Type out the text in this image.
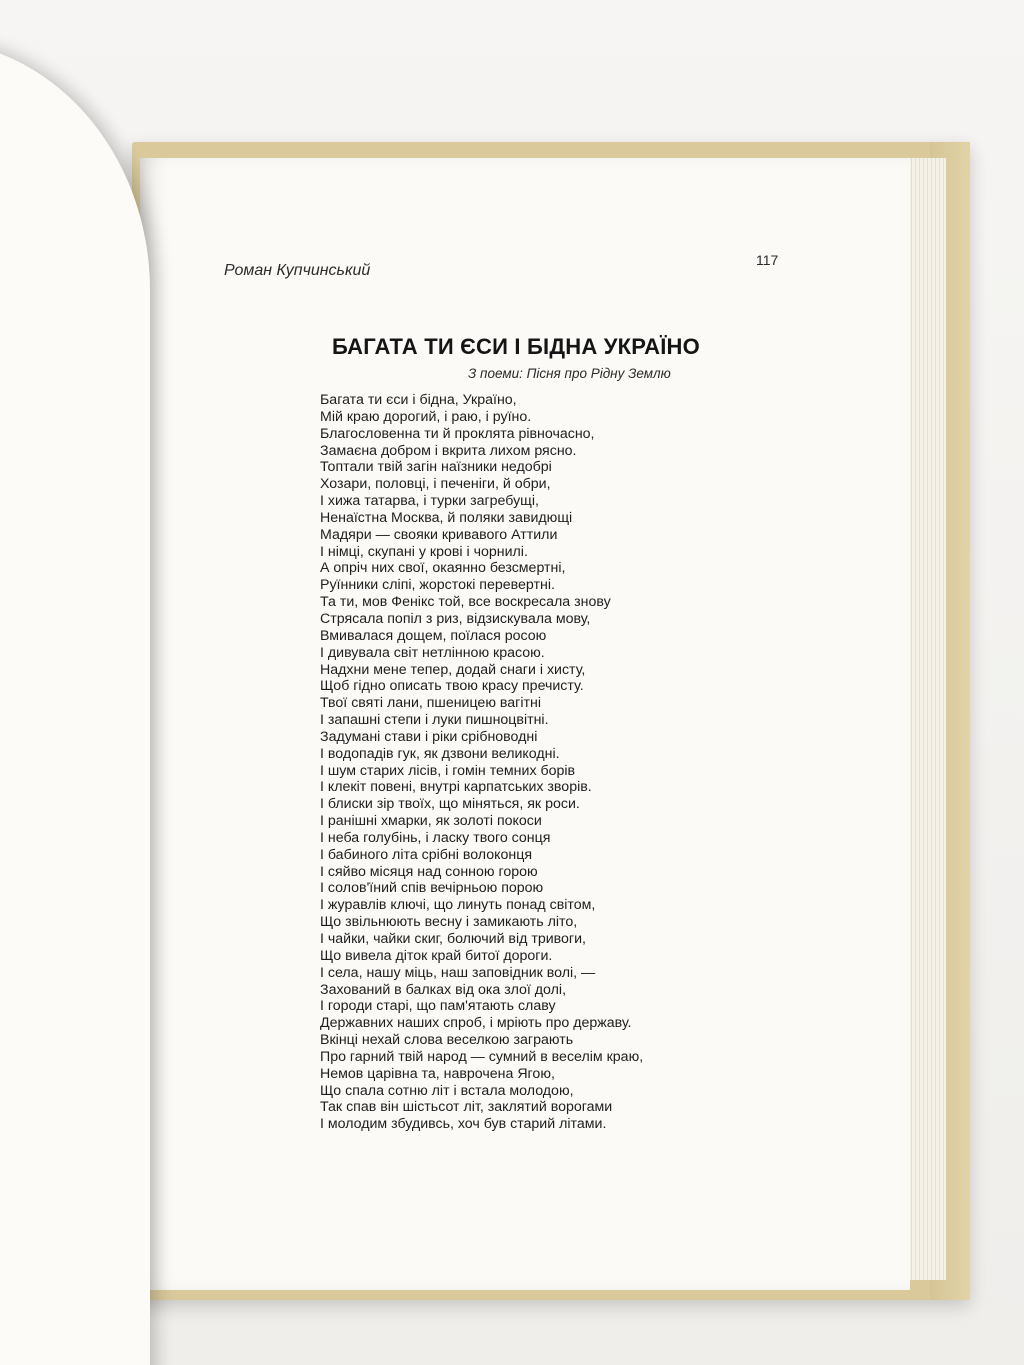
Роман Купчинський
117
БАГАТА ТИ ЄСИ І БІДНА УКРАЇНО
З поеми: Пісня про Рідну Землю
Багата ти єси і бідна, Україно,
Мій краю дорогий, і раю, і руїно.
Благословенна ти й проклята рівночасно,
Замаєна добром і вкрита лихом рясно.
Топтали твій загін наїзники недобрі
Хозари, половці, і печеніги, й обри,
І хижа татарва, і турки загребущі,
Ненаїстна Москва, й поляки завидющі
Мадяри — свояки кривавого Аттили
І німці, скупані у крові і чорнилі.
А опріч них свої, окаянно безсмертні,
Руїнники сліпі, жорстокі перевертні.
Та ти, мов Фенікс той, все воскресала знову
Стрясала попіл з риз, відзискувала мову,
Вмивалася дощем, поїлася росою
І дивувала світ нетлінною красою.
Надхни мене тепер, додай снаги і хисту,
Щоб гідно описать твою красу пречисту.
Твої святі лани, пшеницею вагітні
І запашні степи і луки пишноцвітні.
Задумані стави і ріки срібноводні
І водопадів гук, як дзвони великодні.
І шум старих лісів, і гомін темних борів
І клекіт повені, внутрі карпатських зворів.
І блиски зір твоїх, що міняться, як роси.
І ранішні хмарки, як золоті покоси
І неба голубінь, і ласку твого сонця
І бабиного літа срібні волоконця
І сяйво місяця над сонною горою
І солов'їний спів вечірньою порою
І журавлів ключі, що линуть понад світом,
Що звільнюють весну і замикають літо,
І чайки, чайки скиг, болючий від тривоги,
Що вивела діток край битої дороги.
І села, нашу міць, наш заповідник волі, —
Захований в балках від ока злої долі,
І городи старі, що пам'ятають славу
Державних наших спроб, і мріють про державу.
Вкінці нехай слова веселкою заграють
Про гарний твій народ — сумний в веселім краю,
Немов царівна та, наврочена Ягою,
Що спала сотню літ і встала молодою,
Так спав він шістьсот літ, заклятий ворогами
І молодим збудивсь, хоч був старий літами.
